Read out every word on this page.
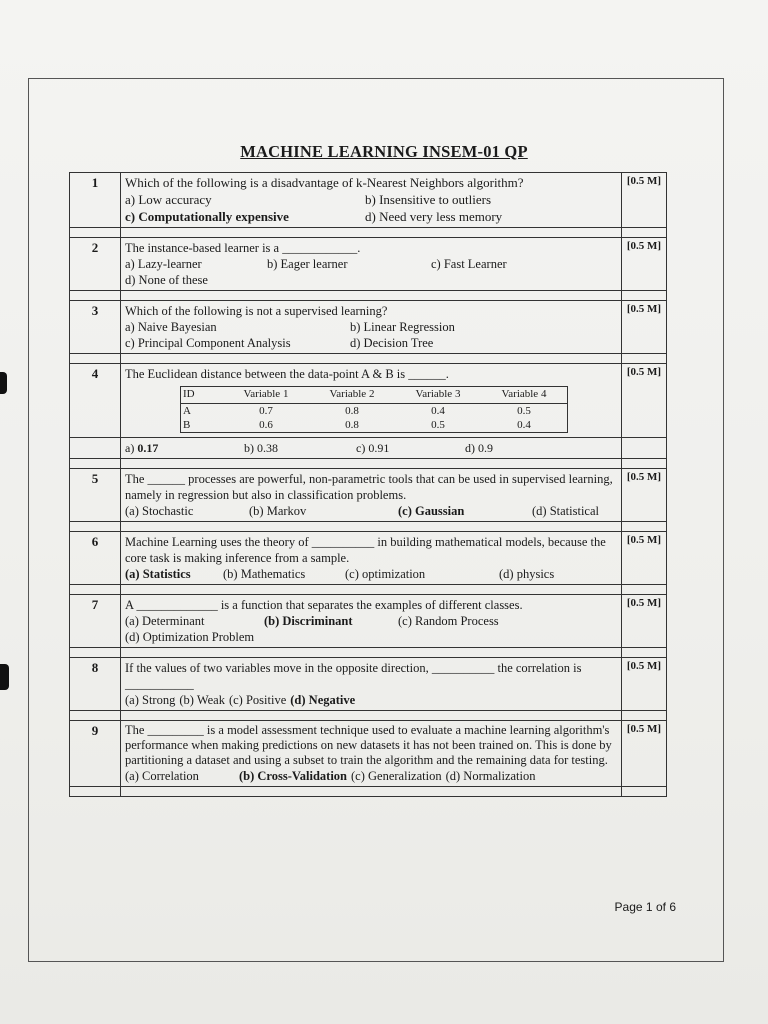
MACHINE LEARNING INSEM-01 QP
1	Which of the following is a disadvantage of k-Nearest Neighbors algorithm?
a) Low accuracy	b) Insensitive to outliers
c) Computationally expensive	d) Need very less memory
	[0.5 M]

2	The instance-based learner is a ____________.
a) Lazy-learner	b) Eager learner	c) Fast Learner
d) None of these
	[0.5 M]

3	Which of the following is not a supervised learning?
a) Naive Bayesian	b) Linear Regression
c) Principal Component Analysis	d) Decision Tree
	[0.5 M]

4	The Euclidean distance between the data-point A & B is ______.
ID	Variable 1	Variable 2	Variable 3	Variable 4
A	0.7	0.8	0.4	0.5
B	0.6	0.8	0.5	0.4
	[0.5 M]

a) 0.17	b) 0.38	c) 0.91	d) 0.9

5	The ______ processes are powerful, non-parametric tools that can be used in supervised learning, namely in regression but also in classification problems.
(a) Stochastic	(b) Markov	(c) Gaussian	(d) Statistical
	[0.5 M]

6	Machine Learning uses the theory of __________ in building mathematical models, because the core task is making inference from a sample.
(a) Statistics	(b) Mathematics	(c) optimization	(d) physics
	[0.5 M]

7	A _____________ is a function that separates the examples of different classes.
(a) Determinant	(b) Discriminant	(c) Random Process
(d) Optimization Problem
	[0.5 M]

8	If the values of two variables move in the opposite direction, __________ the correlation is ___________
(a) Strong (b) Weak (c) Positive (d) Negative
	[0.5 M]

9	The _________ is a model assessment technique used to evaluate a machine learning algorithm's performance when making predictions on new datasets it has not been trained on. This is done by partitioning a dataset and using a subset to train the algorithm and the remaining data for testing.
(a) Correlation	(b) Cross-Validation (c) Generalization (d) Normalization
	[0.5 M]

Page 1 of 6
